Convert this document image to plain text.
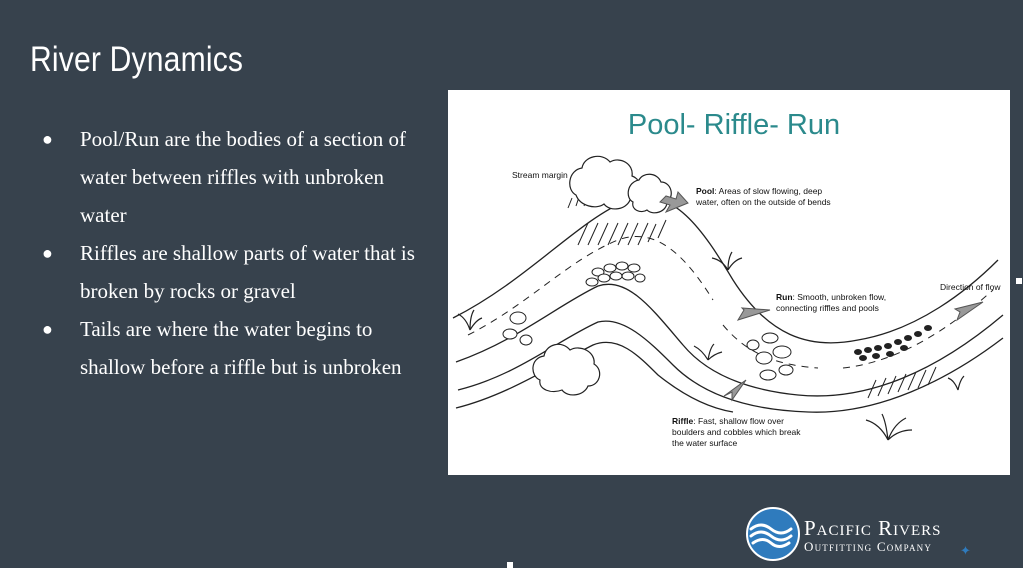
River Dynamics
● Pool/Run are the bodies of a section of water between riffles with unbroken water
● Riffles are shallow parts of water that is broken by rocks or gravel
● Tails are where the water begins to shallow before a riffle but is unbroken
Pool- Riffle- Run
Stream margin
Pool: Areas of slow flowing, deep
water, often on the outside of bends
Run: Smooth, unbroken flow,
connecting riffles and pools
Direction of flow
Riffle: Fast, shallow flow over
boulders and cobbles which break
the water surface
Pacific Rivers
Outfitting Company	✦
